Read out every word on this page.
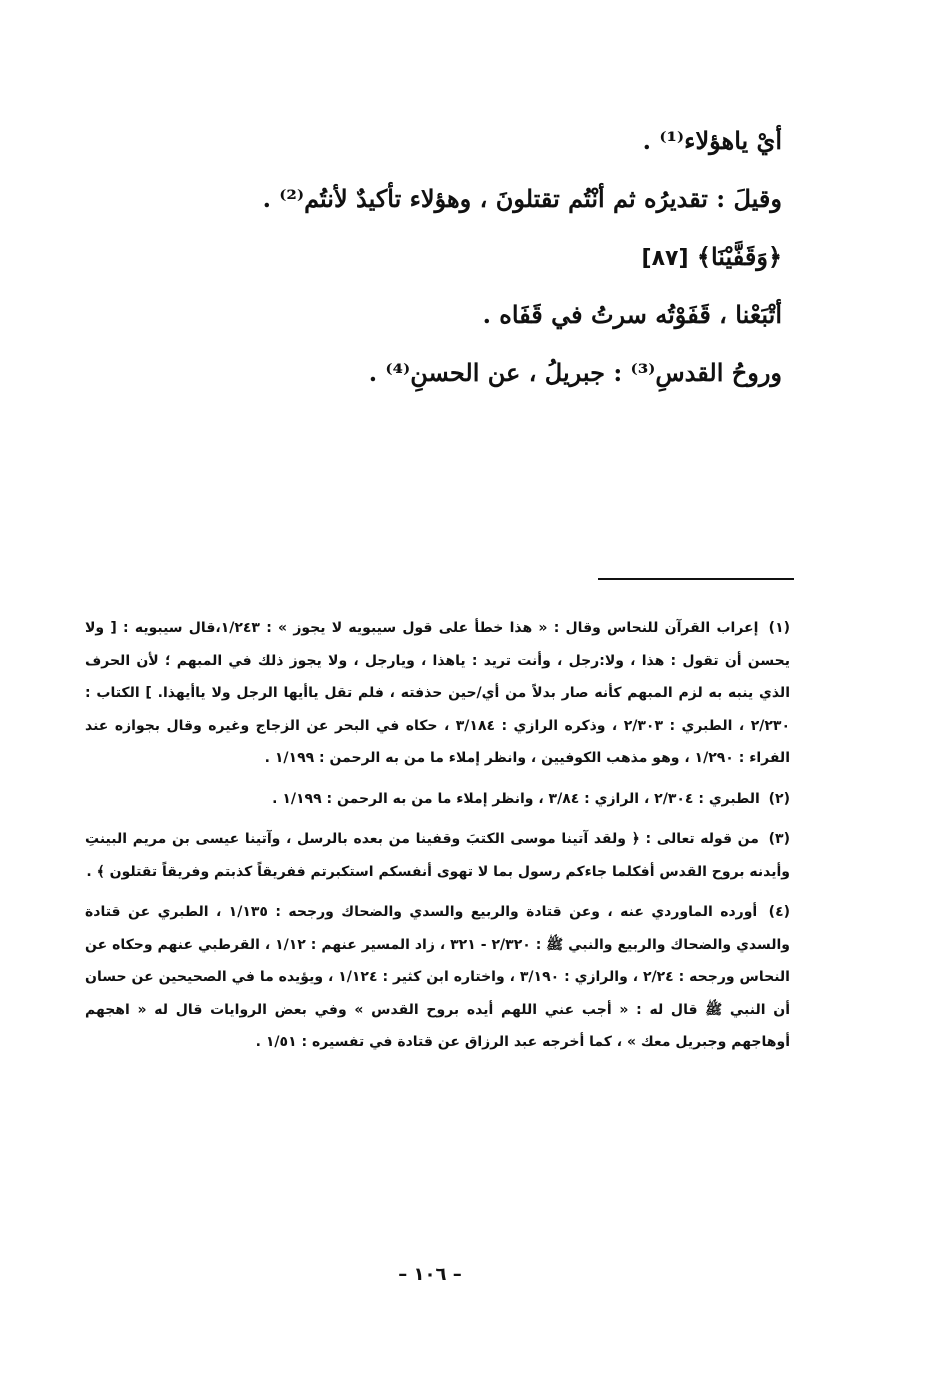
أيْ ياهؤلاء⁽¹⁾ .
وقيلَ : تقديرُه ثم أنْتُم تقتلونَ ، وهؤلاء تأكيدٌ لأنتُم⁽²⁾ .
﴿وَقَفَّيْنَا﴾ [٨٧]
أتْبَعْنا ، قَفَوْتُه سرتُ في قَفَاه .
وروحُ القدسِ⁽³⁾ : جبريلُ ، عن الحسنِ⁽⁴⁾ .
(١) إعراب القرآن للنحاس وقال : « هذا خطأ على قول سيبويه لا يجوز » : ١/٢٤٣،قال سيبويه : [ ولا يحسن أن تقول : هذا ، ولا:رجل ، وأنت تريد : ياهذا ، ويارجل ، ولا يجوز ذلك في المبهم ؛ لأن الحرف الذي ينبه به لزم المبهم كأنه صار بدلاً من أي/حين حذفته ، فلم تقل ياأيها الرجل ولا ياأيهذا. ] الكتاب : ٢/٢٣٠ ، الطبري : ٢/٣٠٣ ، وذكره الرازي : ٣/١٨٤ ، حكاه في البحر عن الزجاج وغيره وقال بجوازه عند الفراء : ١/٢٩٠ ، وهو مذهب الكوفيين ، وانظر إملاء ما من به الرحمن : ١/١٩٩ .
(٢) الطبري : ٢/٣٠٤ ، الرازي : ٣/٨٤ ، وانظر إملاء ما من به الرحمن : ١/١٩٩ .
(٣) من قوله تعالى : ﴿ ولقد آتينا موسى الكتبَ وقفينا من بعده بالرسل ، وآتينا عيسى بن مريم البينتِ وأيدنه بروح القدس أفكلما جاءكم رسول بما لا تهوى أنفسكم استكبرتم ففريقاً كذبتم وفريقاً تقتلون ﴾ .
(٤) أورده الماوردي عنه ، وعن قتادة والربيع والسدي والضحاك ورجحه : ١/١٣٥ ، الطبري عن قتادة والسدي والضحاك والربيع والنبي ﷺ : ٢/٣٢٠ - ٣٢١ ، زاد المسير عنهم : ١/١٢ ، القرطبي عنهم وحكاه عن النحاس ورجحه : ٢/٢٤ ، والرازي : ٣/١٩٠ ، واختاره ابن كثير : ١/١٢٤ ، ويؤيده ما في الصحيحين عن حسان أن النبي ﷺ قال له : « أجب عني اللهم أيده بروح القدس » وفي بعض الروايات قال له « اهجهم أوهاجهم وجبريل معك » ، كما أخرجه عبد الرزاق عن قتادة في تفسيره : ١/٥١ .
– ١٠٦ –
